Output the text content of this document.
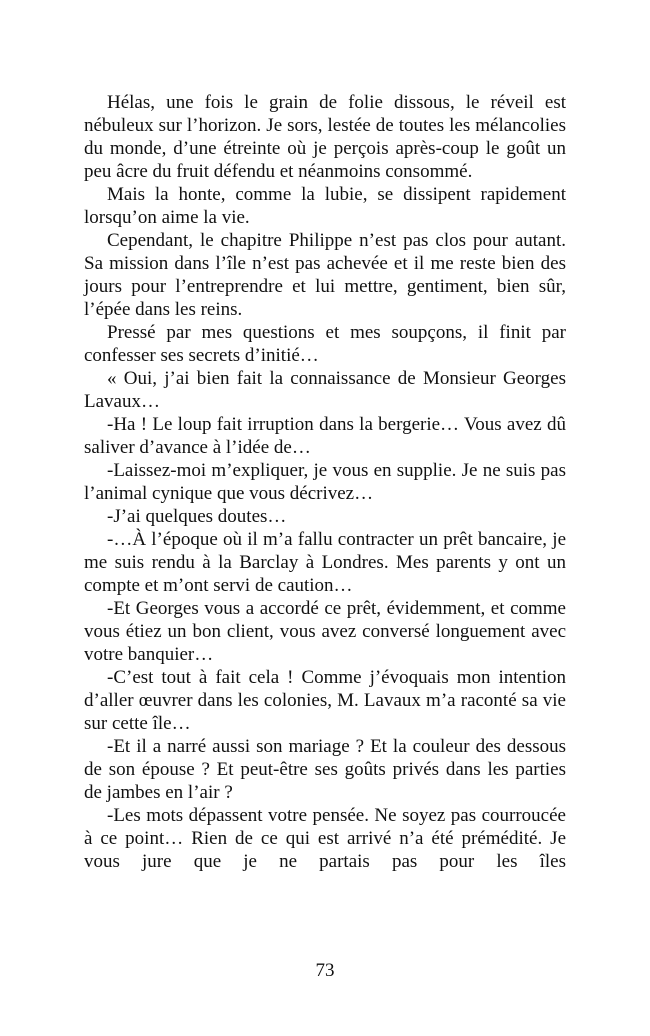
Hélas, une fois le grain de folie dissous, le réveil est nébuleux sur l’horizon. Je sors, lestée de toutes les mélancolies du monde, d’une étreinte où je perçois après-coup le goût un peu âcre du fruit défendu et néanmoins consommé.

Mais la honte, comme la lubie, se dissipent rapidement lorsqu’on aime la vie.

Cependant, le chapitre Philippe n’est pas clos pour autant. Sa mission dans l’île n’est pas achevée et il me reste bien des jours pour l’entreprendre et lui mettre, gentiment, bien sûr, l’épée dans les reins.

Pressé par mes questions et mes soupçons, il finit par confesser ses secrets d’initié…

« Oui, j’ai bien fait la connaissance de Monsieur Georges Lavaux…

-Ha ! Le loup fait irruption dans la bergerie… Vous avez dû saliver d’avance à l’idée de…

-Laissez-moi m’expliquer, je vous en supplie. Je ne suis pas l’animal cynique que vous décrivez…

-J’ai quelques doutes…

-…À l’époque où il m’a fallu contracter un prêt bancaire, je me suis rendu à la Barclay à Londres. Mes parents y ont un compte et m’ont servi de caution…

-Et Georges vous a accordé ce prêt, évidemment, et comme vous étiez un bon client, vous avez conversé longuement avec votre banquier…

-C’est tout à fait cela ! Comme j’évoquais mon intention d’aller œuvrer dans les colonies, M. Lavaux m’a raconté sa vie sur cette île…

-Et il a narré aussi son mariage ? Et la couleur des dessous de son épouse ? Et peut-être ses goûts privés dans les parties de jambes en l’air ?

-Les mots dépassent votre pensée. Ne soyez pas courroucée à ce point… Rien de ce qui est arrivé n’a été prémédité. Je vous jure que je ne partais pas pour les îles

73
